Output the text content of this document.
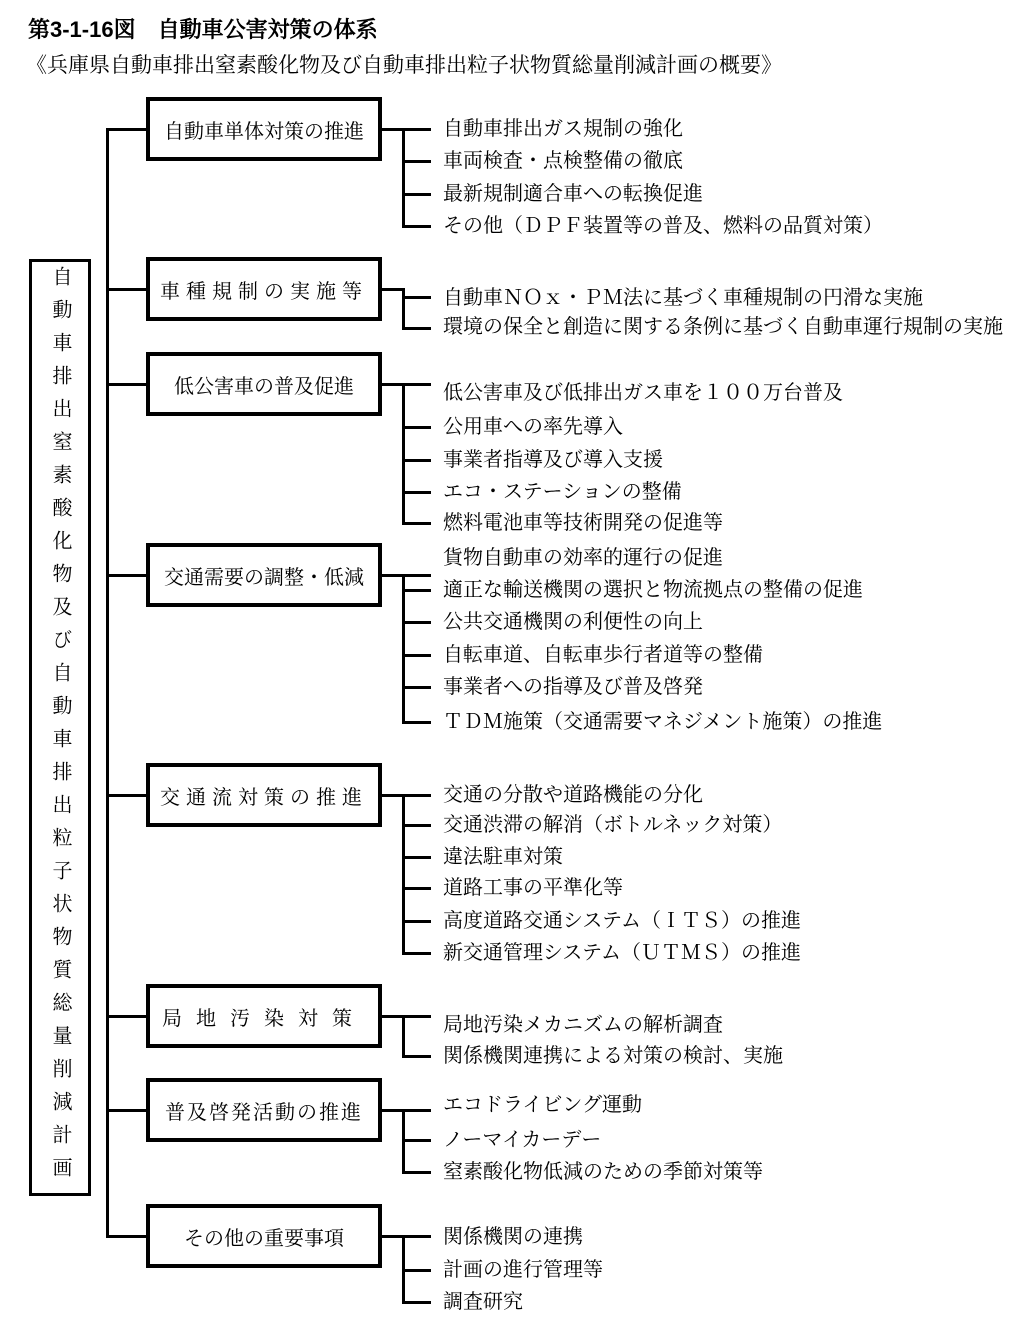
第3-1-16図　自動車公害対策の体系
《兵庫県自動車排出窒素酸化物及び自動車排出粒子状物質総量削減計画の概要》
自動車排出窒素酸化物及び自動車排出粒子状物質総量削減計画
自動車単体対策の推進	自動車排出ガス規制の強化
車両検査・点検整備の徹底
最新規制適合車への転換促進
その他（ＤＰＦ装置等の普及、燃料の品質対策）
車種規制の実施等	自動車ＮＯｘ・ＰＭ法に基づく車種規制の円滑な実施
環境の保全と創造に関する条例に基づく自動車運行規制の実施
低公害車の普及促進	低公害車及び低排出ガス車を１００万台普及
公用車への率先導入
事業者指導及び導入支援
エコ・ステーションの整備
燃料電池車等技術開発の促進等
交通需要の調整・低減
貨物自動車の効率的運行の促進
適正な輸送機関の選択と物流拠点の整備の促進
公共交通機関の利便性の向上
自転車道、自転車歩行者道等の整備
事業者への指導及び普及啓発
ＴＤＭ施策（交通需要マネジメント施策）の推進
交通流対策の推進	交通の分散や道路機能の分化
交通渋滞の解消（ボトルネック対策）
違法駐車対策
道路工事の平準化等
高度道路交通システム（ＩＴＳ）の推進
新交通管理システム（ＵＴＭＳ）の推進
局地汚染対策	局地汚染メカニズムの解析調査
関係機関連携による対策の検討、実施
普及啓発活動の推進	エコドライビング運動
ノーマイカーデー
窒素酸化物低減のための季節対策等
その他の重要事項	関係機関の連携
計画の進行管理等
調査研究
